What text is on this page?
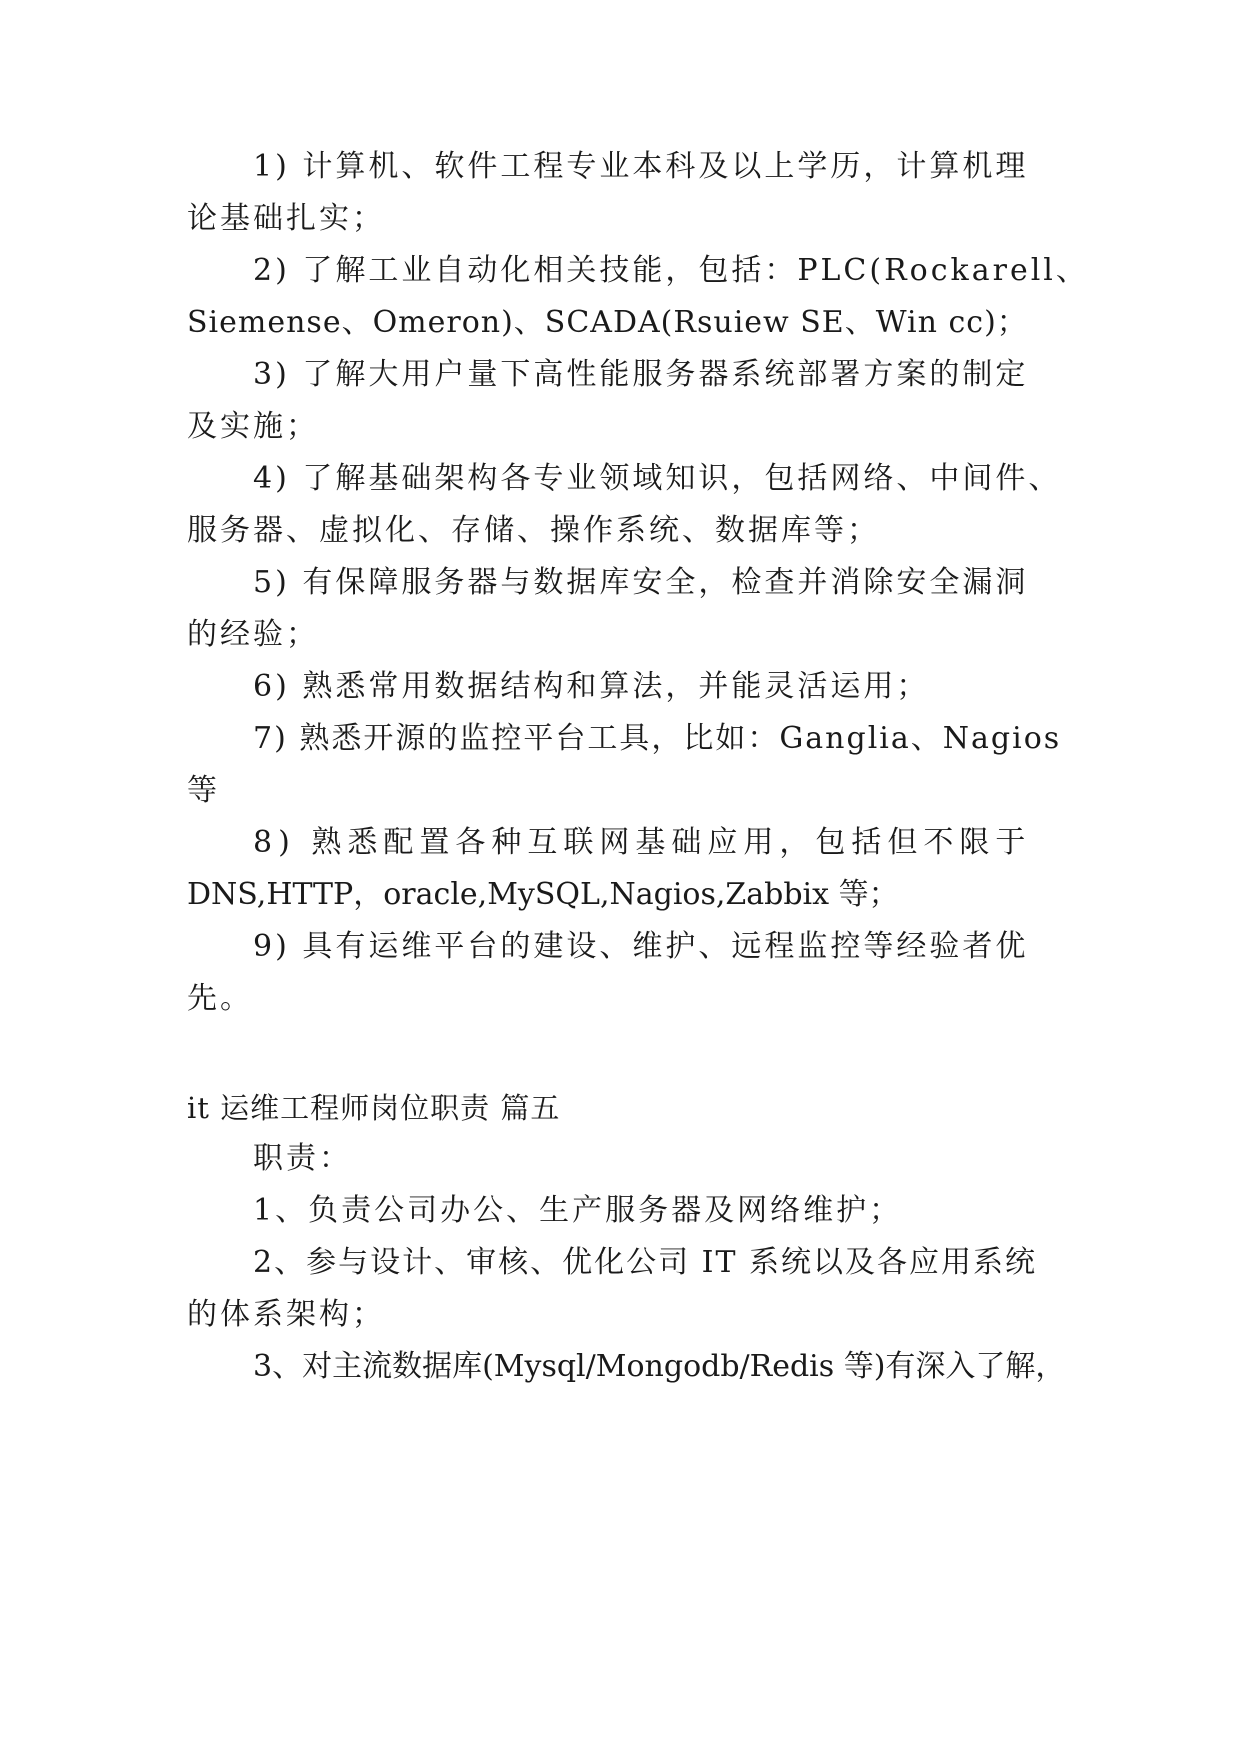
1) 计算机、软件工程专业本科及以上学历，计算机理
论基础扎实；
2) 了解工业自动化相关技能，包括：PLC(Rockarell、
Siemense、Omeron)、SCADA(Rsuiew SE、Win cc)；
3) 了解大用户量下高性能服务器系统部署方案的制定
及实施；
4) 了解基础架构各专业领域知识，包括网络、中间件、
服务器、虚拟化、存储、操作系统、数据库等；
5) 有保障服务器与数据库安全，检查并消除安全漏洞
的经验；
6) 熟悉常用数据结构和算法，并能灵活运用；
7) 熟悉开源的监控平台工具，比如：Ganglia、Nagios
等
8) 熟悉配置各种互联网基础应用，包括但不限于
DNS,HTTP，oracle,MySQL,Nagios,Zabbix 等；
9) 具有运维平台的建设、维护、远程监控等经验者优
先。
it 运维工程师岗位职责 篇五
职责：
1、负责公司办公、生产服务器及网络维护；
2、参与设计、审核、优化公司 IT 系统以及各应用系统
的体系架构；
3、对主流数据库(Mysql/Mongodb/Redis 等)有深入了解，
